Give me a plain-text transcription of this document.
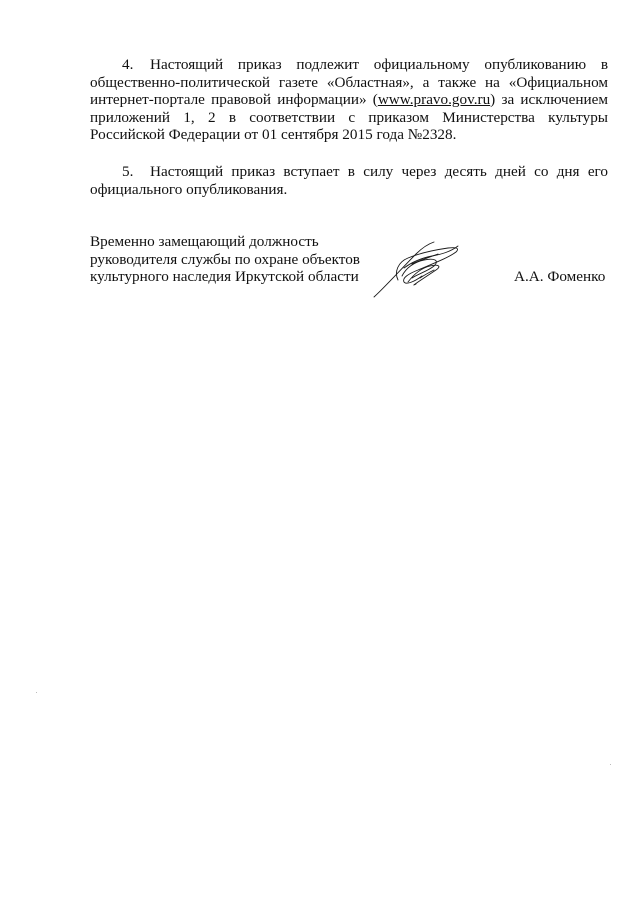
4. Настоящий приказ подлежит официальному опубликованию в общественно-политической газете «Областная», а также на «Официальном интернет-портале правовой информации» (www.pravo.gov.ru) за исключением приложений 1, 2 в соответствии с приказом Министерства культуры Российской Федерации от 01 сентября 2015 года №2328.

5. Настоящий приказ вступает в силу через десять дней со дня его официального опубликования.

Временно замещающий должность
руководителя службы по охране объектов
культурного наследия Иркутской области	А.А. Фоменко
